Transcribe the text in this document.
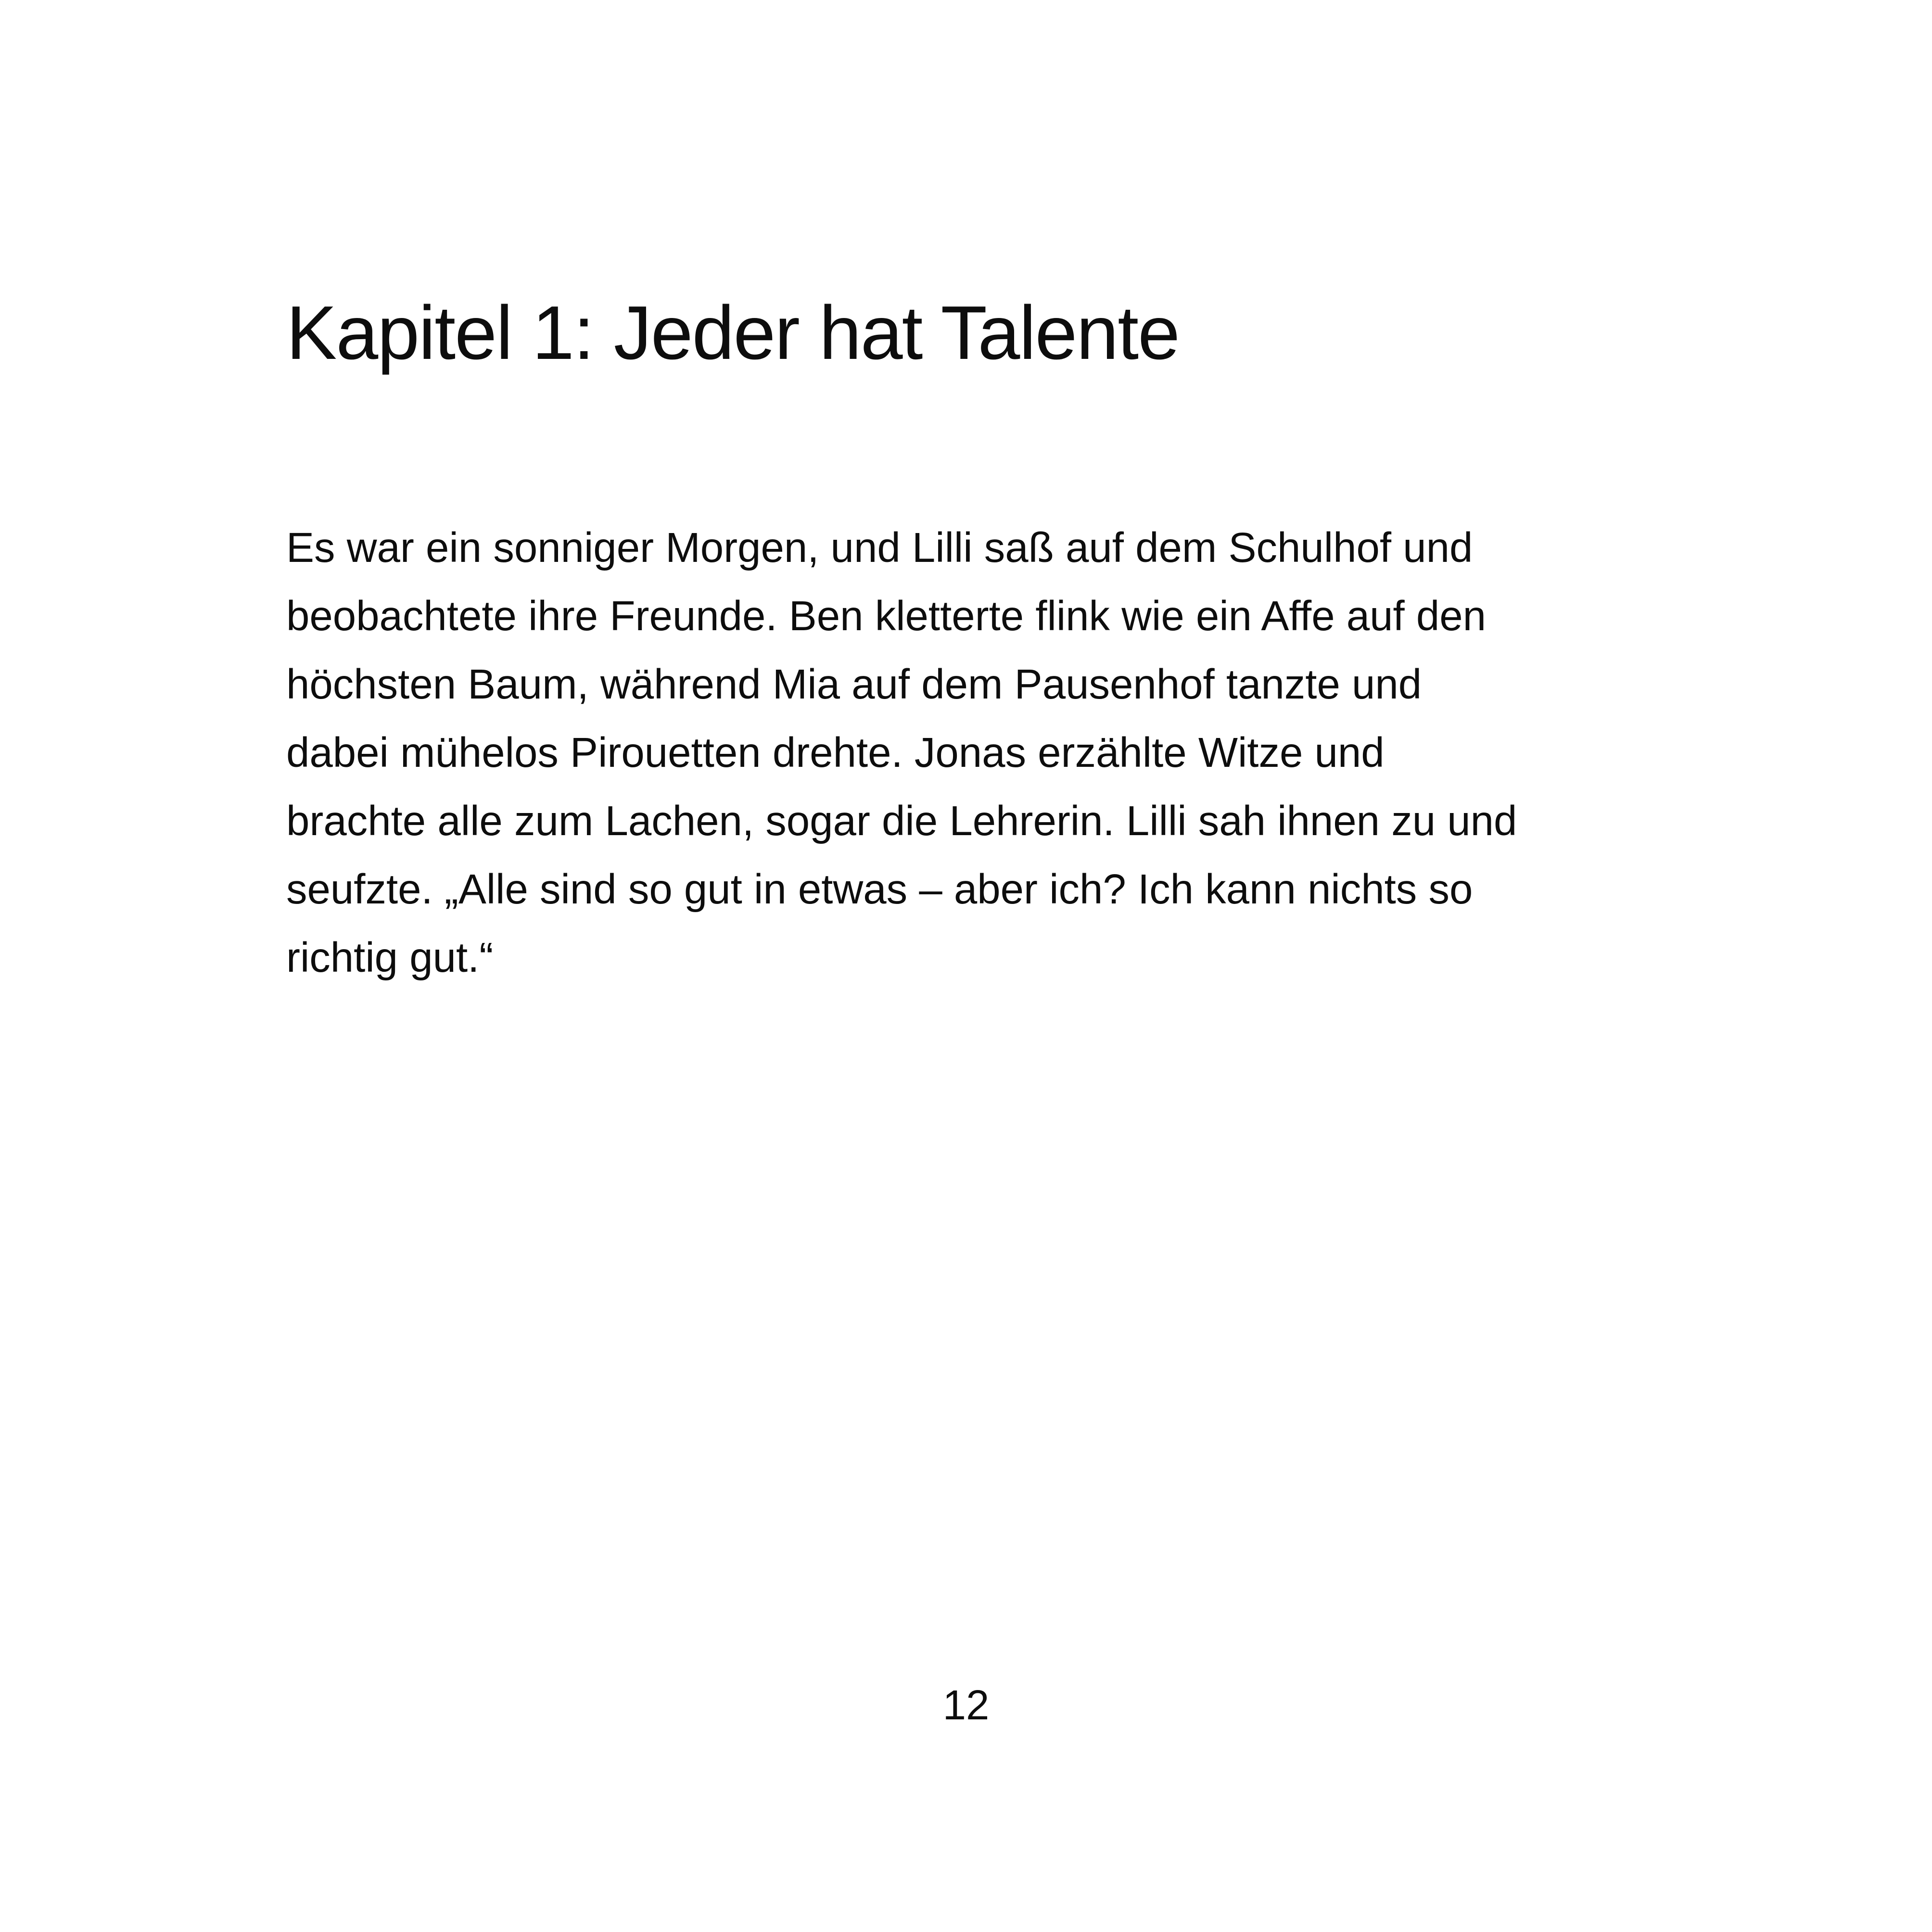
Kapitel 1: Jeder hat Talente

Es war ein sonniger Morgen, und Lilli saß auf dem Schulhof und
beobachtete ihre Freunde. Ben kletterte flink wie ein Affe auf den
höchsten Baum, während Mia auf dem Pausenhof tanzte und
dabei mühelos Pirouetten drehte. Jonas erzählte Witze und
brachte alle zum Lachen, sogar die Lehrerin. Lilli sah ihnen zu und
seufzte. „Alle sind so gut in etwas – aber ich? Ich kann nichts so
richtig gut.“

12
